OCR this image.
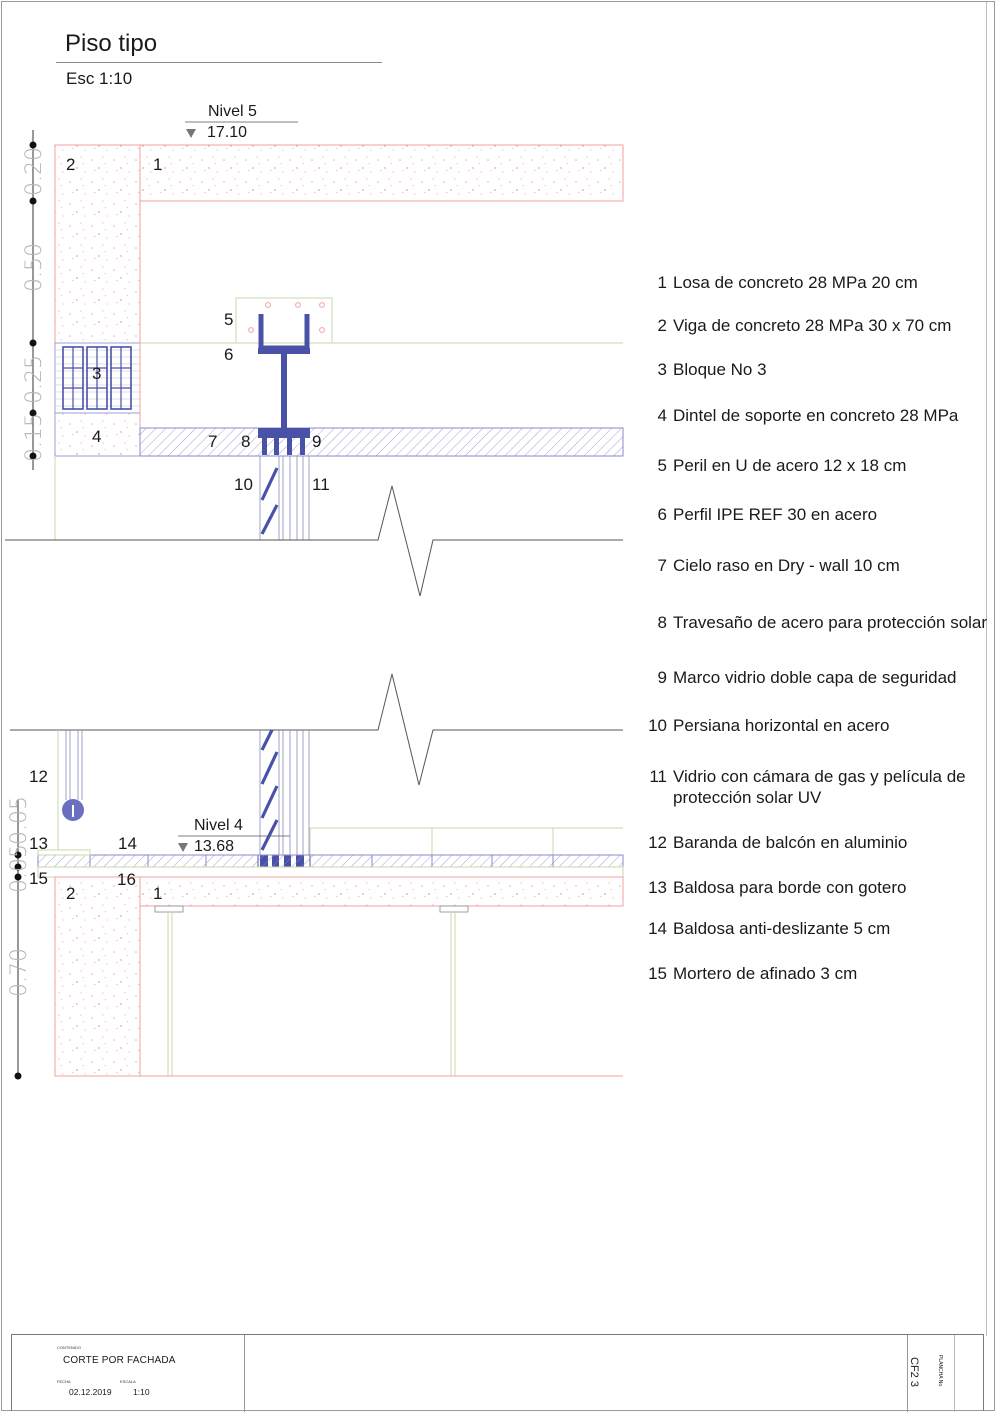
Piso tipo
Esc 1:10
0.20
0.50
0.15
0.25
0.05
0.05
0.70
Nivel 5
17.10
Nivel 4
13.68
1
2
3
4
5
6
7 8	9
10	11
12
13	14
15	16
1
2
1 Losa de concreto 28 MPa 20 cm
2 Viga de concreto 28 MPa 30 x 70 cm
3 Bloque No 3
4 Dintel de soporte en concreto 28 MPa
5 Peril en U de acero 12 x 18 cm
6 Perfil IPE REF 30 en acero
7 Cielo raso en Dry - wall 10 cm
8 Travesaño de acero para protección solar
9 Marco vidrio doble capa de seguridad
10 Persiana horizontal en acero
11 Vidrio con cámara de gas y película de protección solar UV
12 Baranda de balcón en aluminio
13 Baldosa para borde con gotero
14 Baldosa anti-deslizante 5 cm
15 Mortero de afinado 3 cm
CONTENIDO
CORTE POR FACHADA
FECHA
02.12.2019
ESCALA
1:10
PLANCHA No.
CF2 3
